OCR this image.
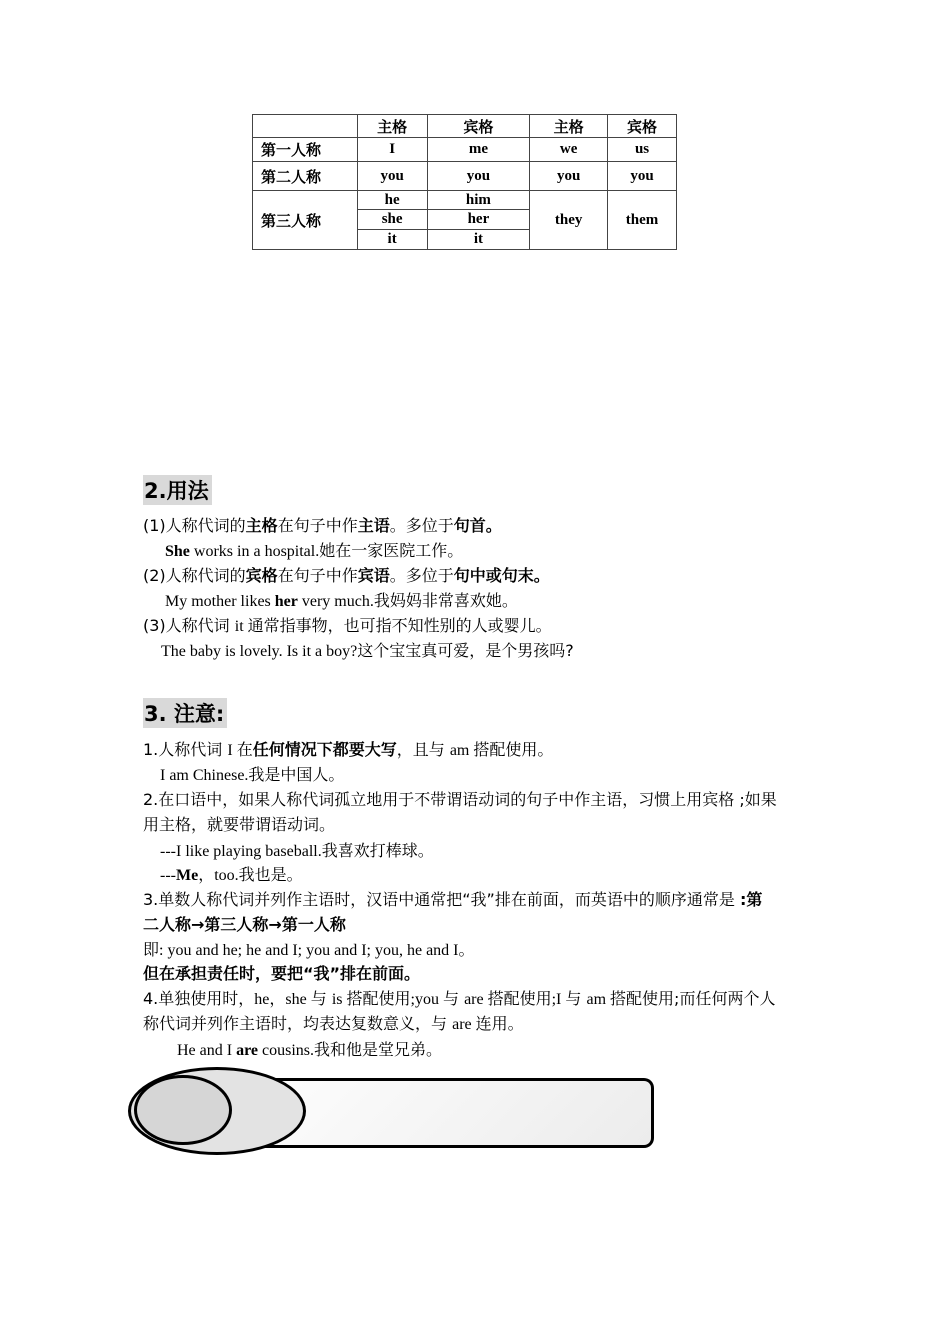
	主格	宾格	主格	宾格
第一人称	I	me	we	us
第二人称	you	you	you	you
第三人称	he	him	they	them
	she	her		
	it	it		
2.用法
(1)人称代词的主格在句子中作主语。多位于句首。
She works in a hospital.她在一家医院工作。
(2)人称代词的宾格在句子中作宾语。多位于句中或句末。
My mother likes her very much.我妈妈非常喜欢她。
(3)人称代词 it 通常指事物，也可指不知性别的人或婴儿。
The baby is lovely. Is it a boy?这个宝宝真可爱，是个男孩吗?
3. 注意:
1.人称代词 I 在任何情况下都要大写，且与 am 搭配使用。
I am Chinese.我是中国人。
2.在口语中，如果人称代词孤立地用于不带谓语动词的句子中作主语，习惯上用宾格 ;如果
用主格，就要带谓语动词。
---I like playing baseball.我喜欢打棒球。
---Me，too.我也是。
3.单数人称代词并列作主语时，汉语中通常把“我”排在前面，而英语中的顺序通常是 :第
二人称→第三人称→第一人称
即: you and he; he and I; you and I; you, he and I。
但在承担责任时，要把“我”排在前面。
4.单独使用时，he，she 与 is 搭配使用;you 与 are 搭配使用;I 与 am 搭配使用;而任何两个人
称代词并列作主语时，均表达复数意义，与 are 连用。
He and I are cousins.我和他是堂兄弟。
